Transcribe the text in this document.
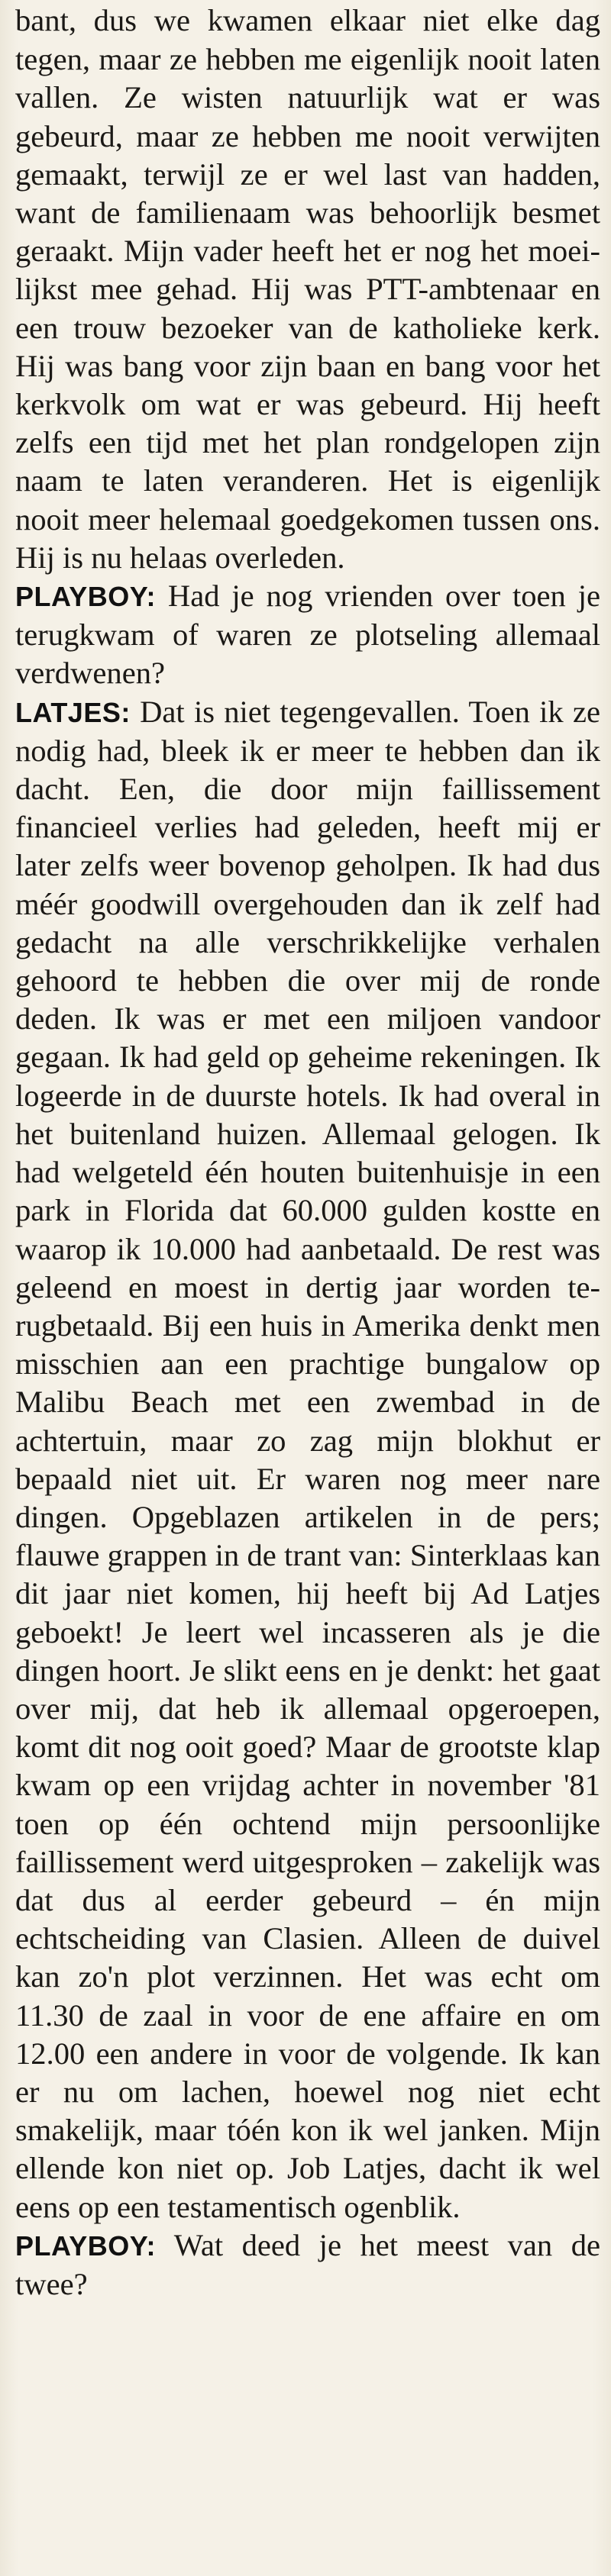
bant, dus we kwamen elkaar niet elke dag tegen, maar ze hebben me eigenlijk nooit laten vallen. Ze wisten natuurlijk wat er was gebeurd, maar ze hebben me nooit verwijten gemaakt, terwijl ze er wel last van hadden, want de familienaam was behoorlijk besmet geraakt. Mijn vader heeft het er nog het moeilijkst mee gehad. Hij was PTT-ambtenaar en een trouw bezoeker van de katholieke kerk. Hij was bang voor zijn baan en bang voor het kerkvolk om wat er was gebeurd. Hij heeft zelfs een tijd met het plan rondgelopen zijn naam te laten veranderen. Het is eigenlijk nooit meer helemaal goedgekomen tussen ons. Hij is nu helaas overleden.

PLAYBOY: Had je nog vrienden over toen je terugkwam of waren ze plotseling allemaal verdwenen?

LATJES: Dat is niet tegengevallen. Toen ik ze nodig had, bleek ik er meer te hebben dan ik dacht. Een, die door mijn faillissement financieel verlies had geleden, heeft mij er later zelfs weer bovenop geholpen. Ik had dus méér goodwill overgehouden dan ik zelf had gedacht na alle verschrikkelijke verhalen gehoord te hebben die over mij de ronde deden. Ik was er met een miljoen vandoor gegaan. Ik had geld op geheime rekeningen. Ik logeerde in de duurste hotels. Ik had overal in het buitenland huizen. Allemaal gelogen. Ik had welgeteld één houten buitenhuisje in een park in Florida dat 60.000 gulden kostte en waarop ik 10.000 had aanbetaald. De rest was geleend en moest in dertig jaar worden terugbetaald. Bij een huis in Amerika denkt men misschien aan een prachtige bungalow op Malibu Beach met een zwembad in de achtertuin, maar zo zag mijn blokhut er bepaald niet uit. Er waren nog meer nare dingen. Opgeblazen artikelen in de pers; flauwe grappen in de trant van: Sinterklaas kan dit jaar niet komen, hij heeft bij Ad Latjes geboekt! Je leert wel incasseren als je die dingen hoort. Je slikt eens en je denkt: het gaat over mij, dat heb ik allemaal opgeroepen, komt dit nog ooit goed? Maar de grootste klap kwam op een vrijdag achter in november '81 toen op één ochtend mijn persoonlijke faillissement werd uitgesproken – zakelijk was dat dus al eerder gebeurd – én mijn echtscheiding van Clasien. Alleen de duivel kan zo'n plot verzinnen. Het was echt om 11.30 de zaal in voor de ene affaire en om 12.00 een andere in voor de volgende. Ik kan er nu om lachen, hoewel nog niet echt smakelijk, maar tóén kon ik wel janken. Mijn ellende kon niet op. Job Latjes, dacht ik wel eens op een testamentisch ogenblik.

PLAYBOY: Wat deed je het meest van de twee?
